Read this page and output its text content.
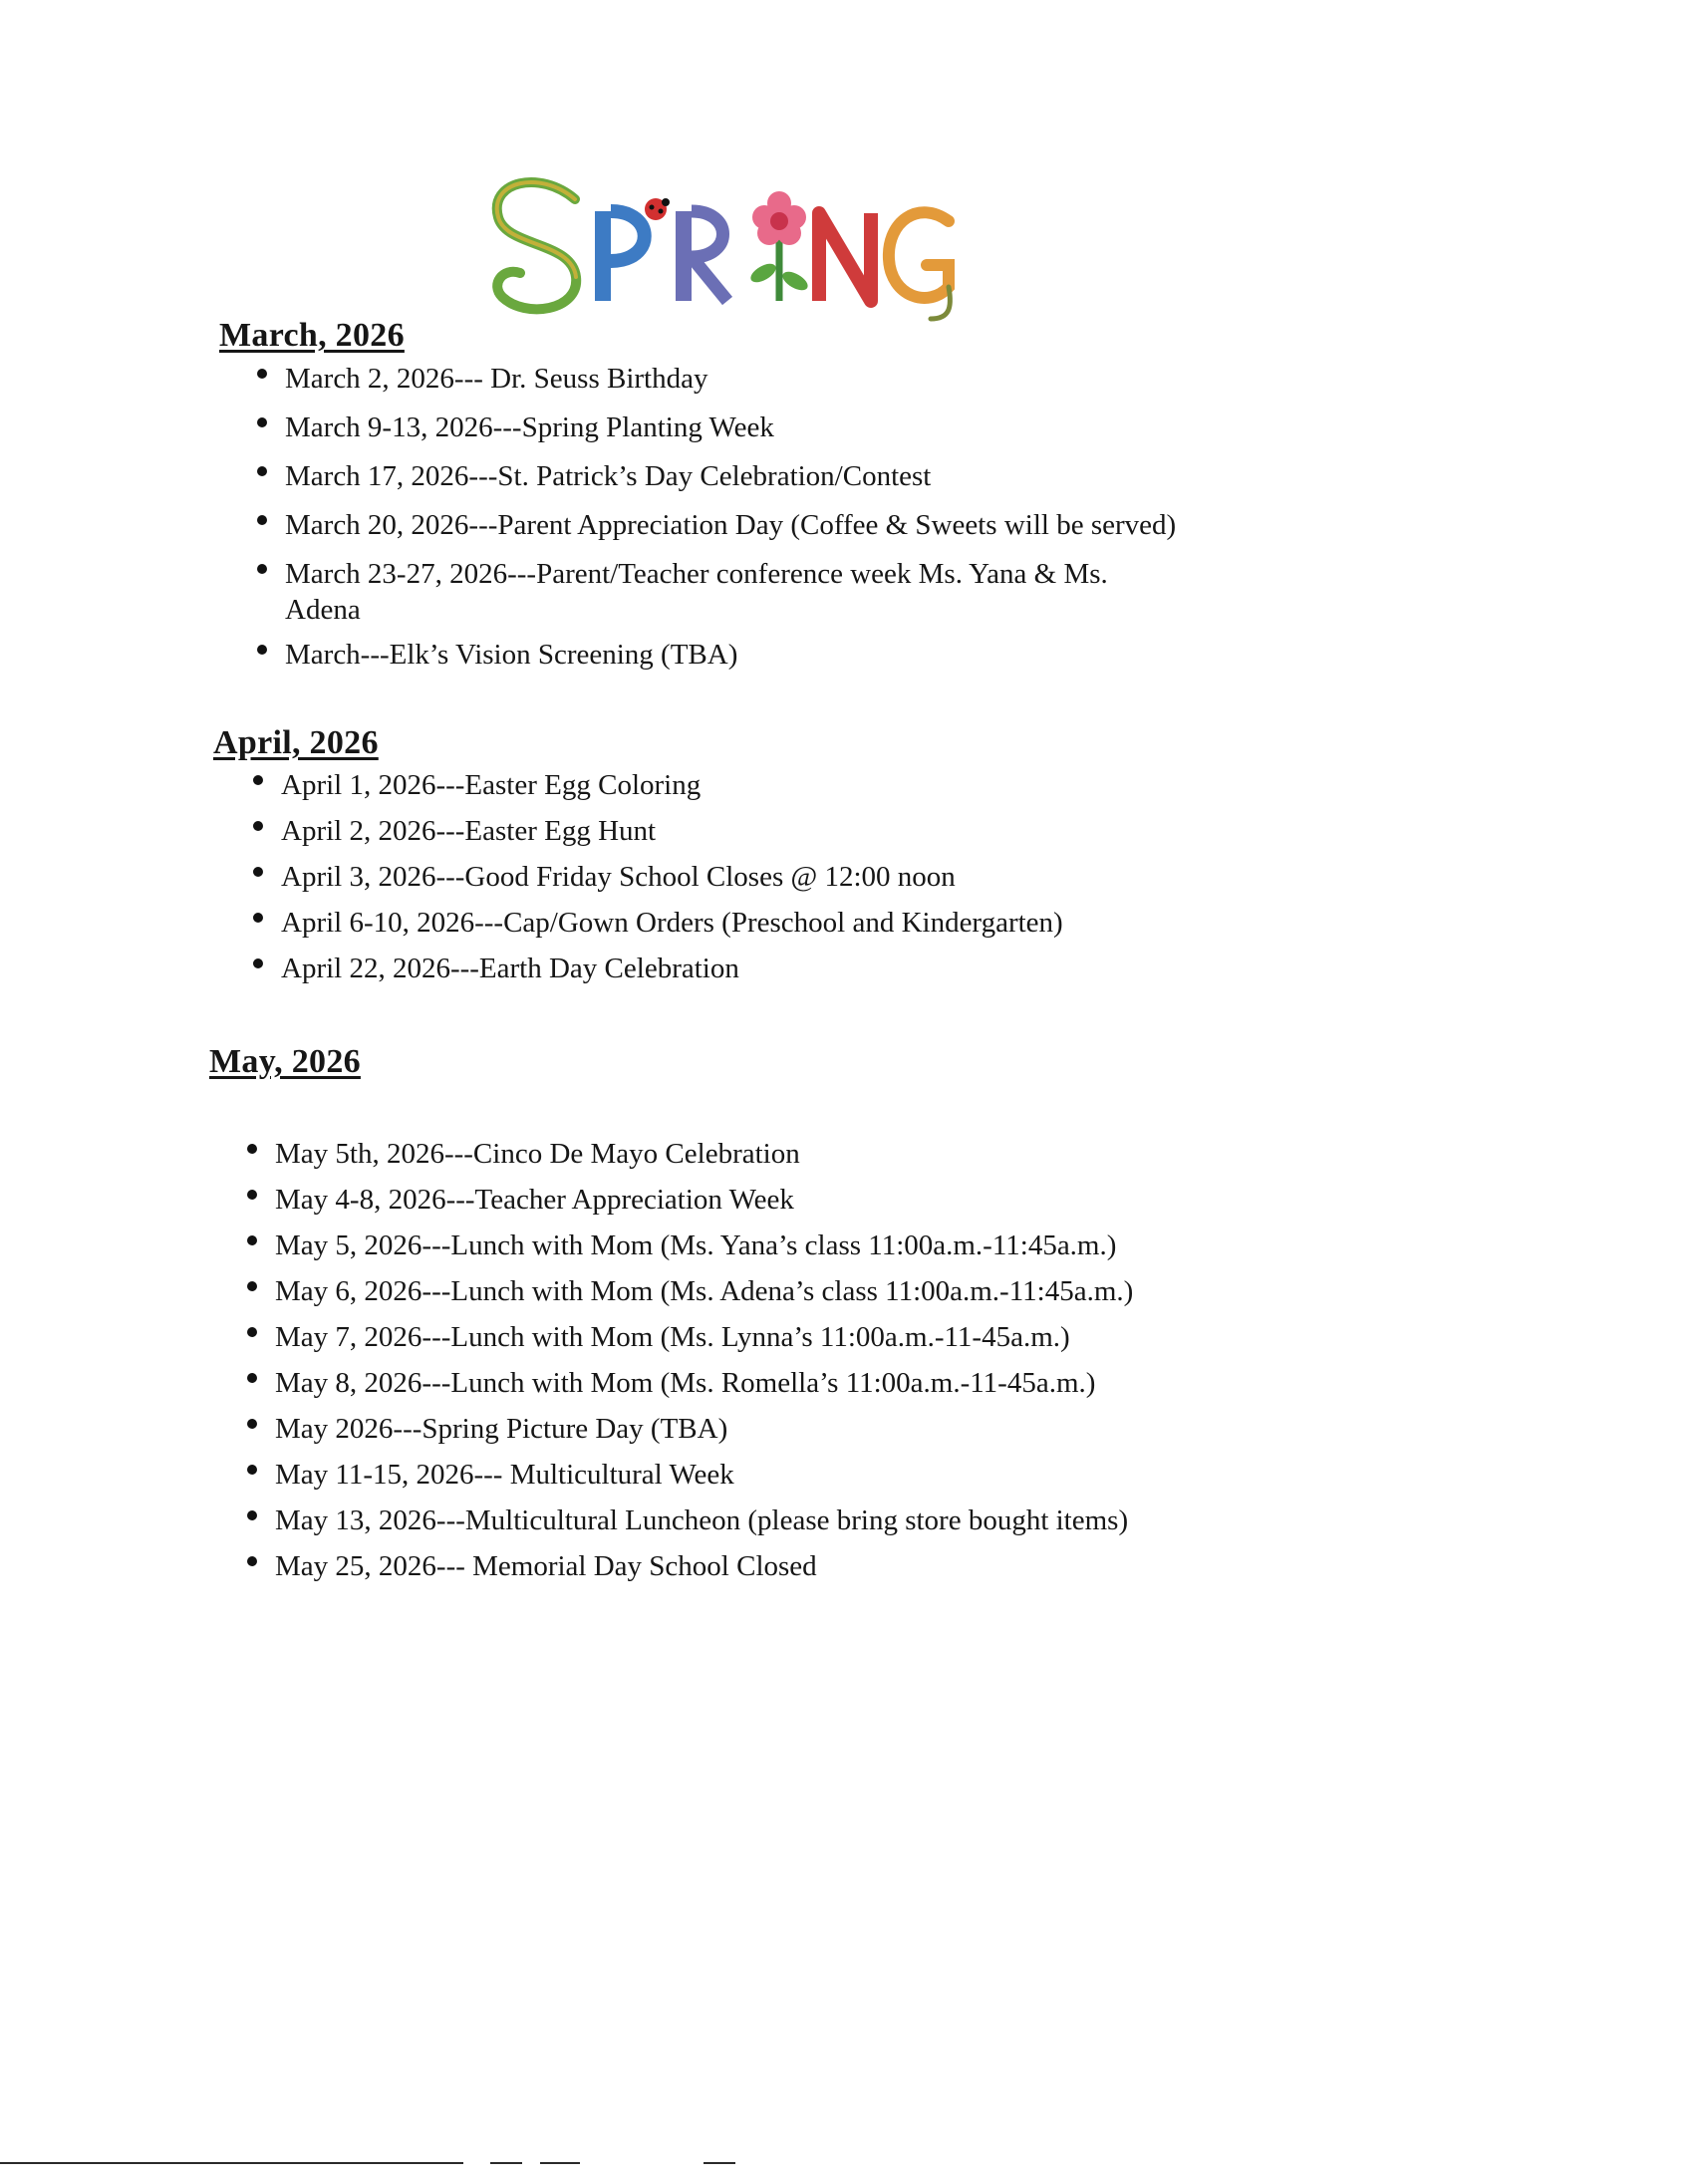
March, 2026
March 2, 2026--- Dr. Seuss Birthday
March 9-13, 2026---Spring Planting Week
March 17, 2026---St. Patrick’s Day Celebration/Contest
March 20, 2026---Parent Appreciation Day (Coffee & Sweets will be served)
March 23-27, 2026---Parent/Teacher conference week Ms. Yana & Ms. Adena
March---Elk’s Vision Screening (TBA)
April, 2026
April 1, 2026---Easter Egg Coloring
April 2, 2026---Easter Egg Hunt
April 3, 2026---Good Friday School Closes @ 12:00 noon
April 6-10, 2026---Cap/Gown Orders (Preschool and Kindergarten)
April 22, 2026---Earth Day Celebration
May, 2026
May 5th, 2026---Cinco De Mayo Celebration
May 4-8, 2026---Teacher Appreciation Week
May 5, 2026---Lunch with Mom (Ms. Yana’s class 11:00a.m.-11:45a.m.)
May 6, 2026---Lunch with Mom (Ms. Adena’s class 11:00a.m.-11:45a.m.)
May 7, 2026---Lunch with Mom (Ms. Lynna’s 11:00a.m.-11-45a.m.)
May 8, 2026---Lunch with Mom (Ms. Romella’s 11:00a.m.-11-45a.m.)
May 2026---Spring Picture Day (TBA)
May 11-15, 2026--- Multicultural Week
May 13, 2026---Multicultural Luncheon (please bring store bought items)
May 25, 2026--- Memorial Day School Closed
